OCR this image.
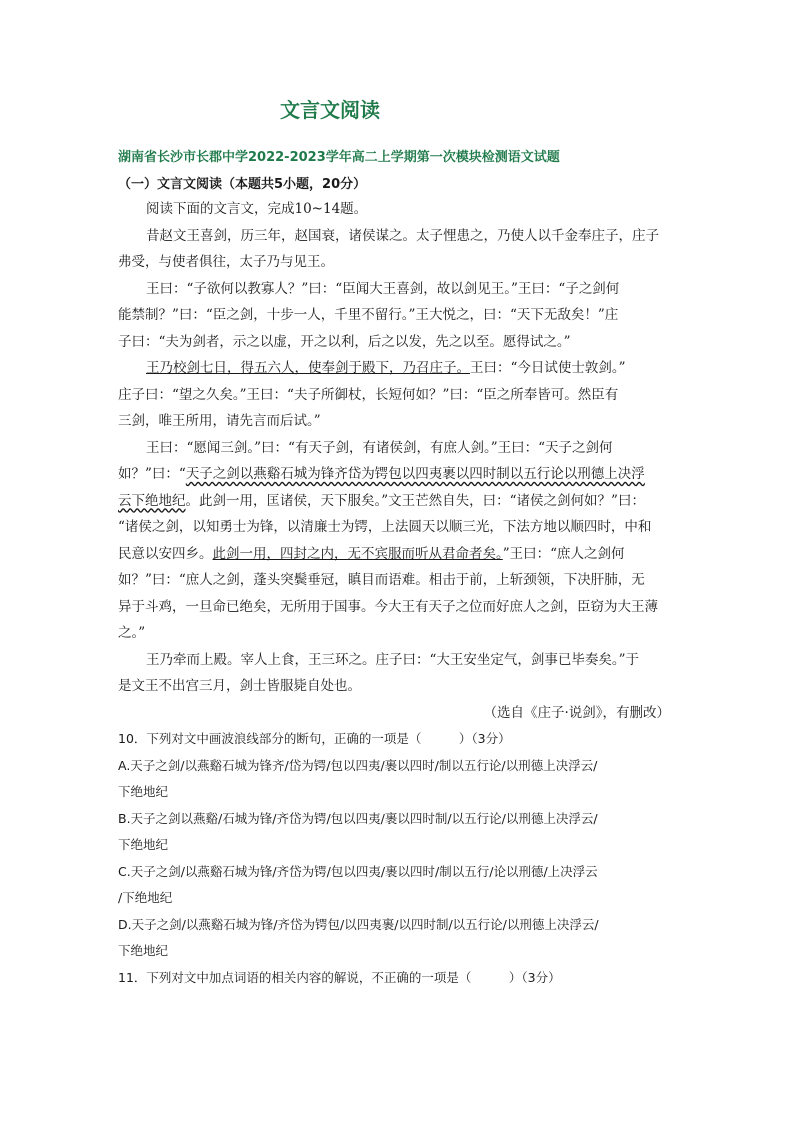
文言文阅读
湖南省长沙市长郡中学2022-2023学年高二上学期第一次模块检测语文试题
（一）文言文阅读（本题共5小题，20分）
阅读下面的文言文，完成10~14题。
昔赵文王喜剑，历三年，赵国衰，诸侯谋之。太子悝患之，乃使人以千金奉庄子，庄子
弗受，与使者俱往，太子乃与见王。
王曰：“子欲何以教寡人？”曰：“臣闻大王喜剑，故以剑见王。”王曰：“子之剑何
能禁制？”曰：“臣之剑，十步一人，千里不留行。”王大悦之，曰：“天下无敌矣！”庄
子曰：“夫为剑者，示之以虚，开之以利，后之以发，先之以至。愿得试之。”
王乃校剑七日，得五六人，使奉剑于殿下，乃召庄子。王曰：“今日试使士敦剑。”
庄子曰：“望之久矣。”王曰：“夫子所御杖，长短何如？”曰：“臣之所奉皆可。然臣有
三剑，唯王所用，请先言而后试。”
王曰：“愿闻三剑。”曰：“有天子剑，有诸侯剑，有庶人剑。”王曰：“天子之剑何
如？”曰：“天子之剑以燕谿石城为锋齐岱为锷包以四夷裹以四时制以五行论以刑德上决浮
云下绝地纪。此剑一用，匡诸侯，天下服矣。”文王芒然自失，曰：“诸侯之剑何如？”曰：
“诸侯之剑，以知勇士为锋，以清廉士为锷，上法圆天以顺三光，下法方地以顺四时，中和
民意以安四乡。此剑一用，四封之内，无不宾服而听从君命者矣。”王曰：“庶人之剑何
如？”曰：“庶人之剑，蓬头突鬓垂冠，瞋目而语难。相击于前，上斩颈领，下决肝肺，无
异于斗鸡，一旦命已绝矣，无所用于国事。今大王有天子之位而好庶人之剑，臣窃为大王薄
之。”
王乃牵而上殿。宰人上食，王三环之。庄子曰：“大王安坐定气，剑事已毕奏矣。”于
是文王不出宫三月，剑士皆服毙自处也。
（选自《庄子·说剑》，有删改）
10．下列对文中画波浪线部分的断句，正确的一项是（　　　）（3分）
A.天子之剑/以燕谿石城为锋齐/岱为锷/包以四夷/裹以四时/制以五行论/以刑德上决浮云/
下绝地纪
B.天子之剑以燕谿/石城为锋/齐岱为锷/包以四夷/裹以四时制/以五行论/以刑德上决浮云/
下绝地纪
C.天子之剑/以燕谿石城为锋/齐岱为锷/包以四夷/裹以四时/制以五行/论以刑德/上决浮云
/下绝地纪
D.天子之剑/以燕谿石城为锋/齐岱为锷包/以四夷裹/以四时制/以五行论/以刑德上决浮云/
下绝地纪
11．下列对文中加点词语的相关内容的解说，不正确的一项是（　　　）（3分）
